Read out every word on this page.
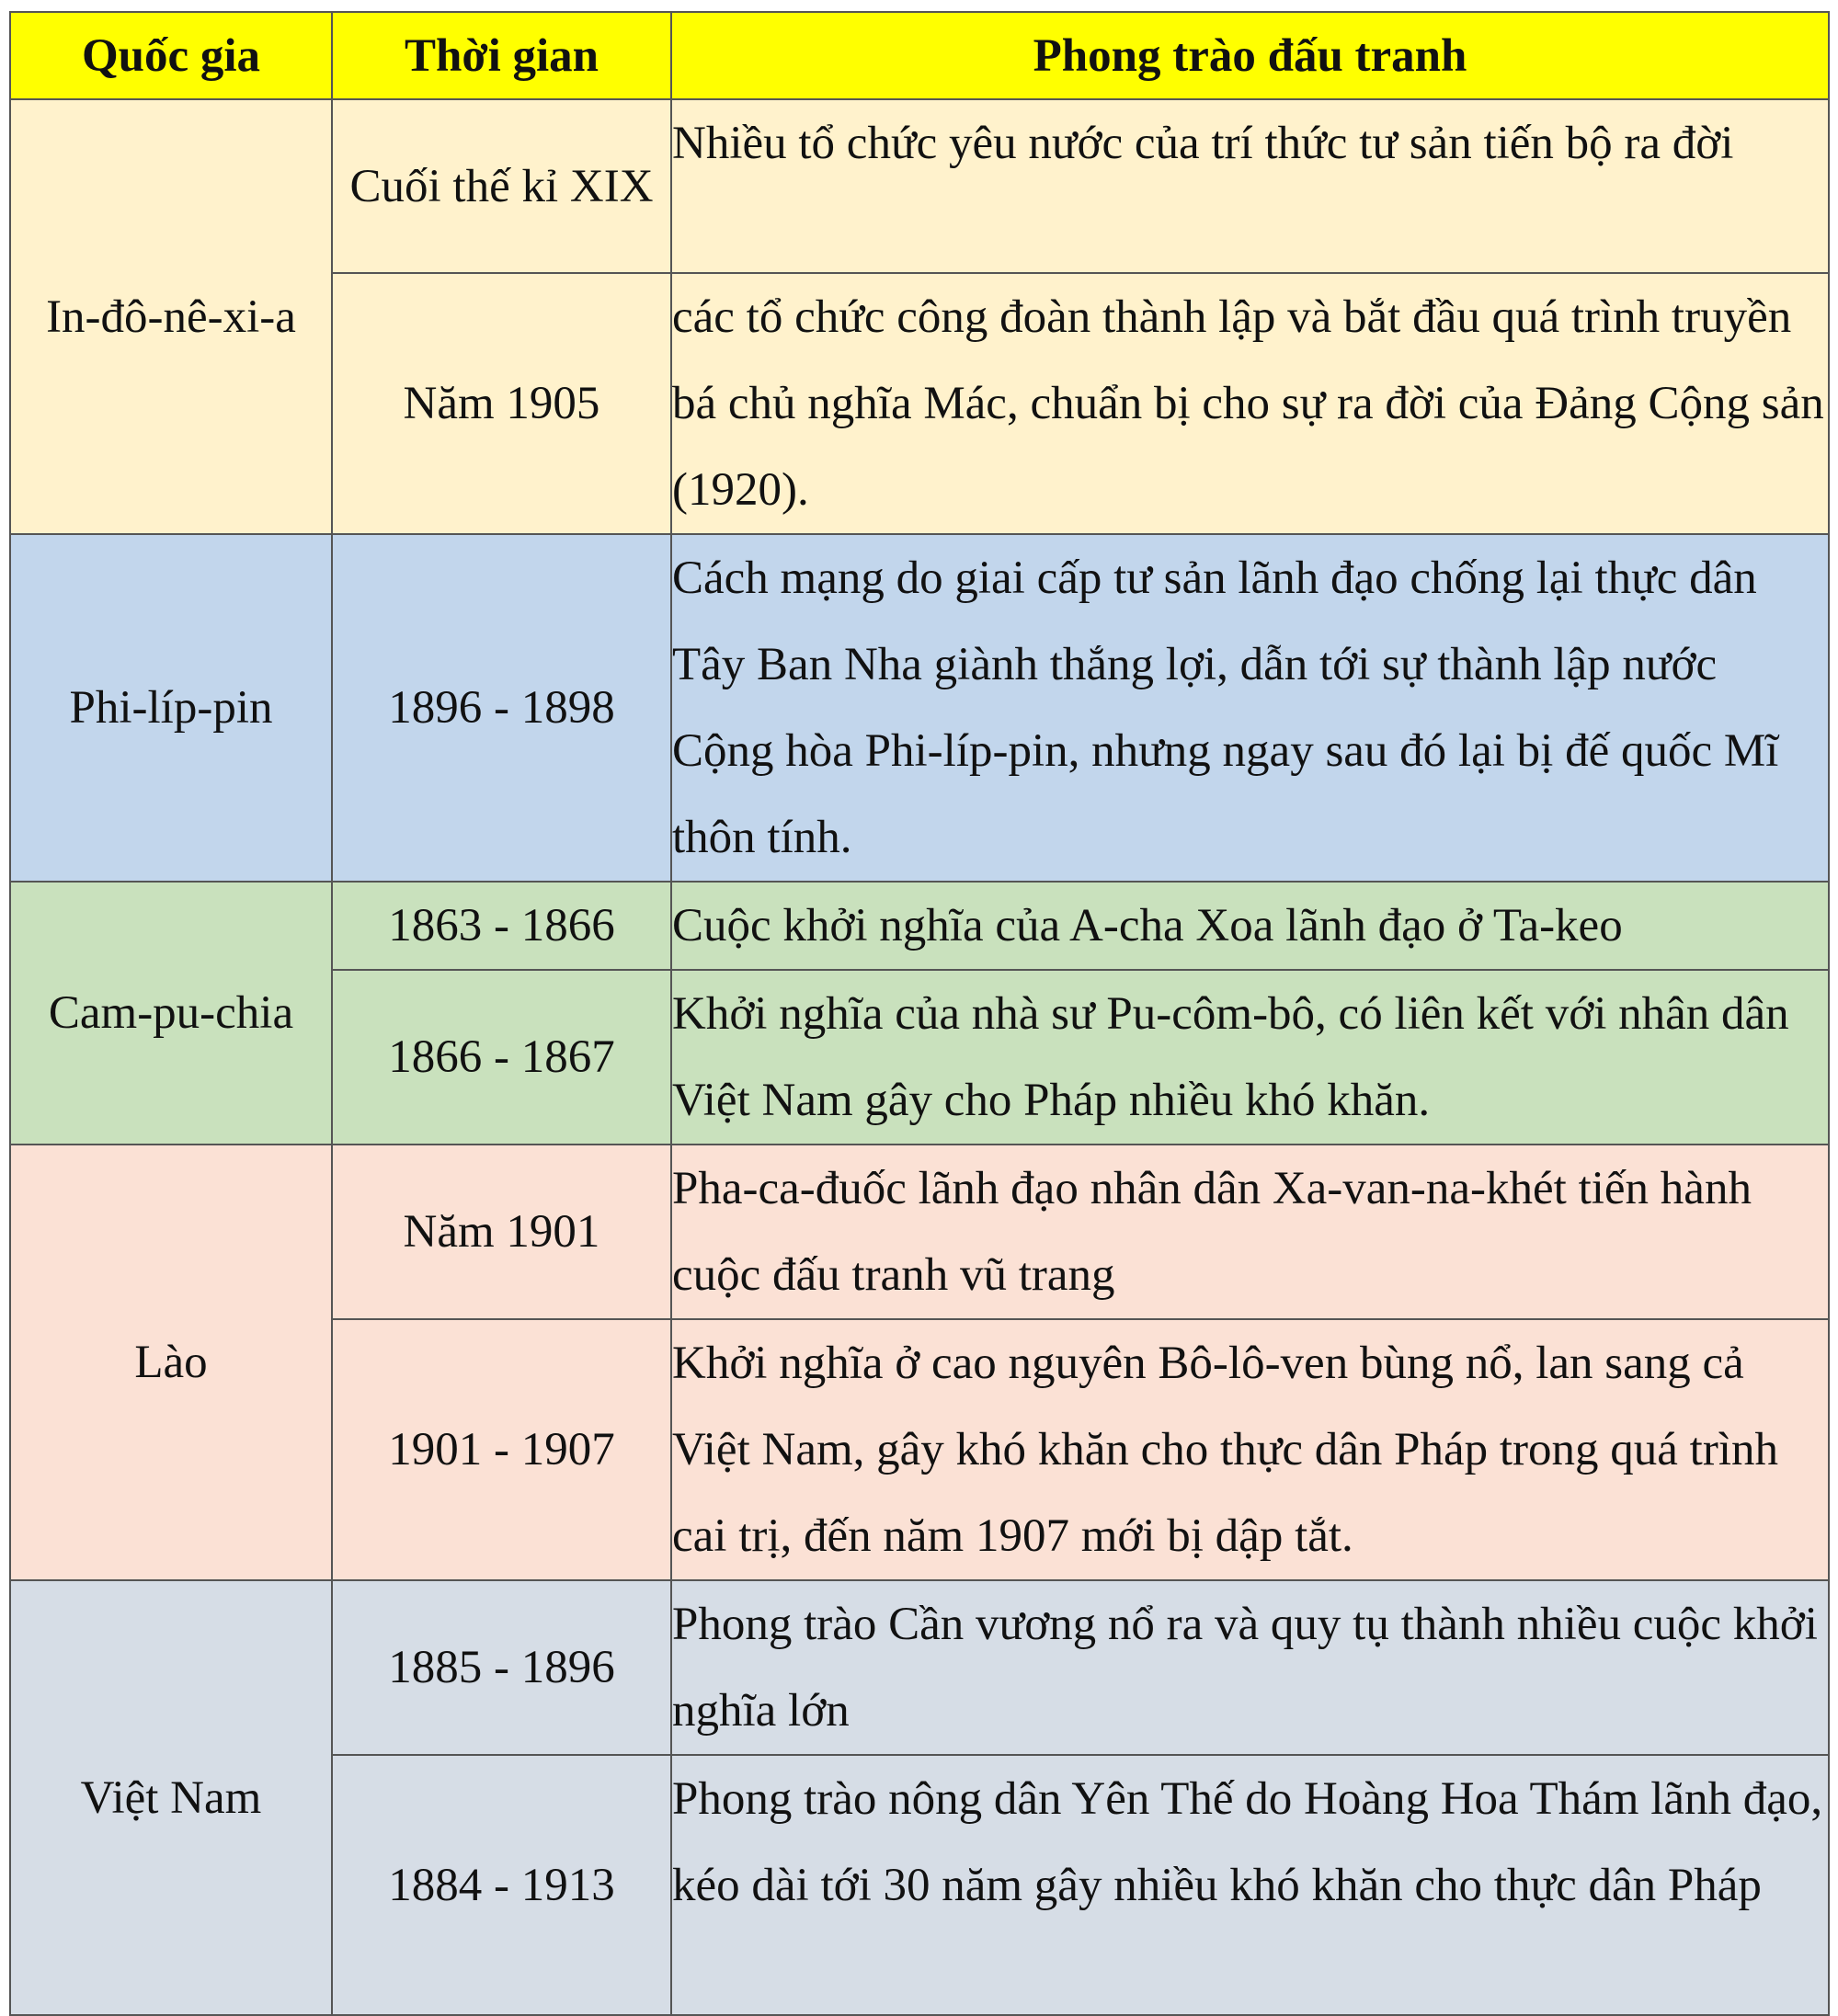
Quốc gia	Thời gian	Phong trào đấu tranh
In-đô-nê-xi-a	Cuối thế kỉ XIX	Nhiều tổ chức yêu nước của trí thức tư sản tiến bộ ra đời
	Năm 1905	các tổ chức công đoàn thành lập và bắt đầu quá trình truyền bá chủ nghĩa Mác, chuẩn bị cho sự ra đời của Đảng Cộng sản (1920).
Phi-líp-pin	1896 - 1898	Cách mạng do giai cấp tư sản lãnh đạo chống lại thực dân Tây Ban Nha giành thắng lợi, dẫn tới sự thành lập nước Cộng hòa Phi-líp-pin, nhưng ngay sau đó lại bị đế quốc Mĩ thôn tính.
Cam-pu-chia	1863 - 1866	Cuộc khởi nghĩa của A-cha Xoa lãnh đạo ở Ta-keo
	1866 - 1867	Khởi nghĩa của nhà sư Pu-côm-bô, có liên kết với nhân dân Việt Nam gây cho Pháp nhiều khó khăn.
Lào	Năm 1901	Pha-ca-đuốc lãnh đạo nhân dân Xa-van-na-khét tiến hành cuộc đấu tranh vũ trang
	1901 - 1907	Khởi nghĩa ở cao nguyên Bô-lô-ven bùng nổ, lan sang cả Việt Nam, gây khó khăn cho thực dân Pháp trong quá trình cai trị, đến năm 1907 mới bị dập tắt.
Việt Nam	1885 - 1896	Phong trào Cần vương nổ ra và quy tụ thành nhiều cuộc khởi nghĩa lớn
	1884 - 1913	Phong trào nông dân Yên Thế do Hoàng Hoa Thám lãnh đạo, kéo dài tới 30 năm gây nhiều khó khăn cho thực dân Pháp
